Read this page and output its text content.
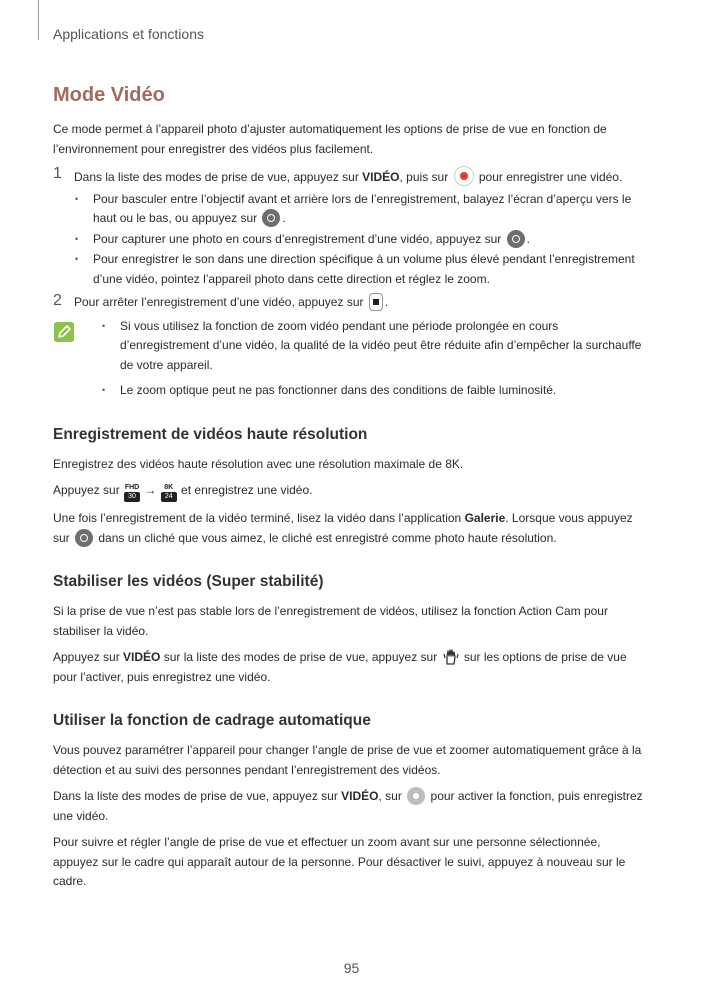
Applications et fonctions
Mode Vidéo

Ce mode permet à l’appareil photo d’ajuster automatiquement les options de prise de vue en fonction de l’environnement pour enregistrer des vidéos plus facilement.

1 Dans la liste des modes de prise de vue, appuyez sur VIDÉO, puis sur  pour enregistrer une vidéo.
• Pour basculer entre l’objectif avant et arrière lors de l’enregistrement, balayez l’écran d’aperçu vers le haut ou le bas, ou appuyez sur .
• Pour capturer une photo en cours d’enregistrement d’une vidéo, appuyez sur .
• Pour enregistrer le son dans une direction spécifique à un volume plus élevé pendant l’enregistrement d’une vidéo, pointez l’appareil photo dans cette direction et réglez le zoom.
2 Pour arrêter l’enregistrement d’une vidéo, appuyez sur .
• Si vous utilisez la fonction de zoom vidéo pendant une période prolongée en cours d’enregistrement d’une vidéo, la qualité de la vidéo peut être réduite afin d’empêcher la surchauffe de votre appareil.
• Le zoom optique peut ne pas fonctionner dans des conditions de faible luminosité.
Enregistrement de vidéos haute résolution

Enregistrez des vidéos haute résolution avec une résolution maximale de 8K.

Appuyez sur FHD
30 → 8K
24 et enregistrez une vidéo.

Une fois l’enregistrement de la vidéo terminé, lisez la vidéo dans l’application Galerie. Lorsque vous appuyez sur  dans un cliché que vous aimez, le cliché est enregistré comme photo haute résolution.

Stabiliser les vidéos (Super stabilité)

Si la prise de vue n’est pas stable lors de l’enregistrement de vidéos, utilisez la fonction Action Cam pour stabiliser la vidéo.

Appuyez sur VIDÉO sur la liste des modes de prise de vue, appuyez sur  sur les options de prise de vue pour l’activer, puis enregistrez une vidéo.

Utiliser la fonction de cadrage automatique

Vous pouvez paramétrer l’appareil pour changer l’angle de prise de vue et zoomer automatiquement grâce à la détection et au suivi des personnes pendant l’enregistrement des vidéos.

Dans la liste des modes de prise de vue, appuyez sur VIDÉO, sur  pour activer la fonction, puis enregistrez une vidéo.

Pour suivre et régler l’angle de prise de vue et effectuer un zoom avant sur une personne sélectionnée, appuyez sur le cadre qui apparaît autour de la personne. Pour désactiver le suivi, appuyez à nouveau sur le cadre.

95
